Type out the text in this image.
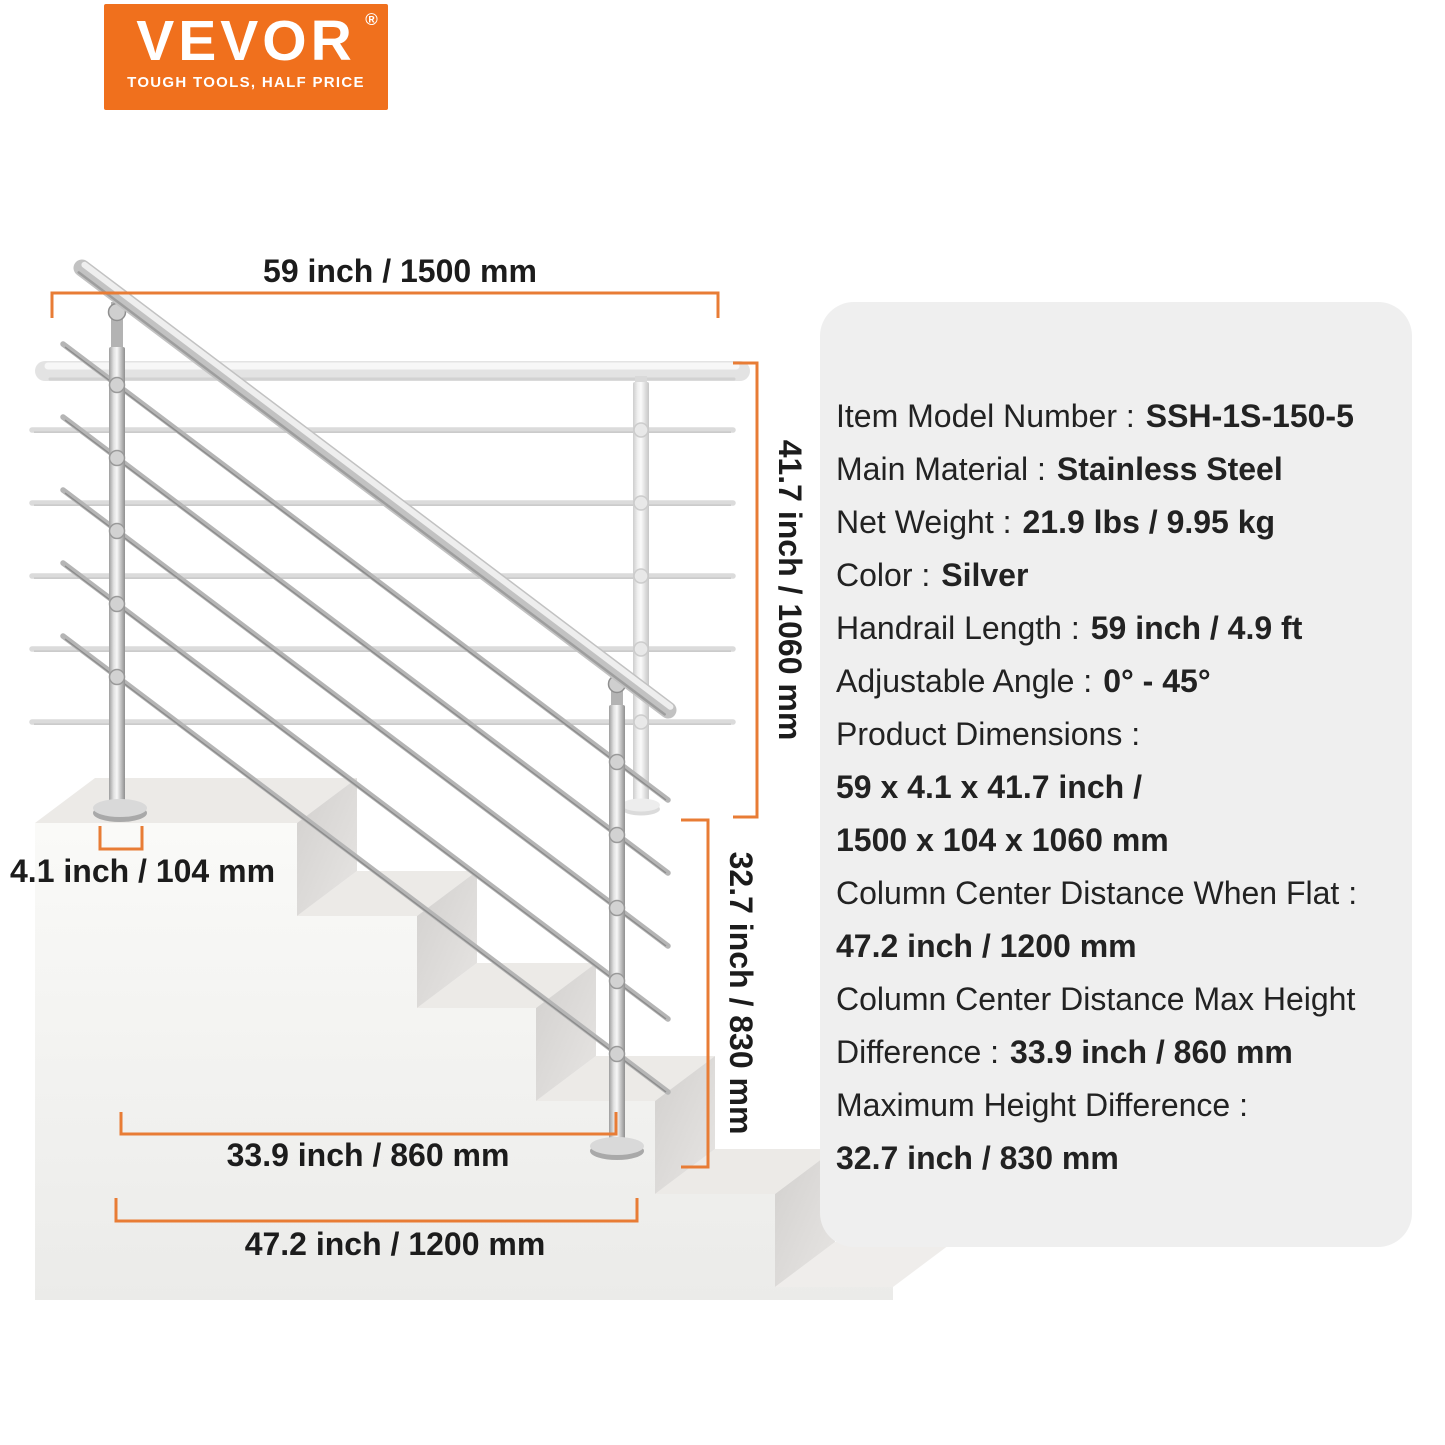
59 inch / 1500 mm
41.7 inch / 1060 mm
32.7 inch / 830 mm
4.1 inch / 104 mm
33.9 inch / 860 mm
47.2 inch / 1200 mm
VEVOR ®
TOUGH TOOLS, HALF PRICE
Item Model Number : SSH-1S-150-5
Main Material : Stainless Steel
Net Weight : 21.9 lbs / 9.95 kg
Color : Silver
Handrail Length : 59 inch / 4.9 ft
Adjustable Angle : 0° - 45°
Product Dimensions :
59 x 4.1 x 41.7 inch /
1500 x 104 x 1060 mm
Column Center Distance When Flat :
47.2 inch / 1200 mm
Column Center Distance Max Height
Difference : 33.9 inch / 860 mm
Maximum Height Difference :
32.7 inch / 830 mm
